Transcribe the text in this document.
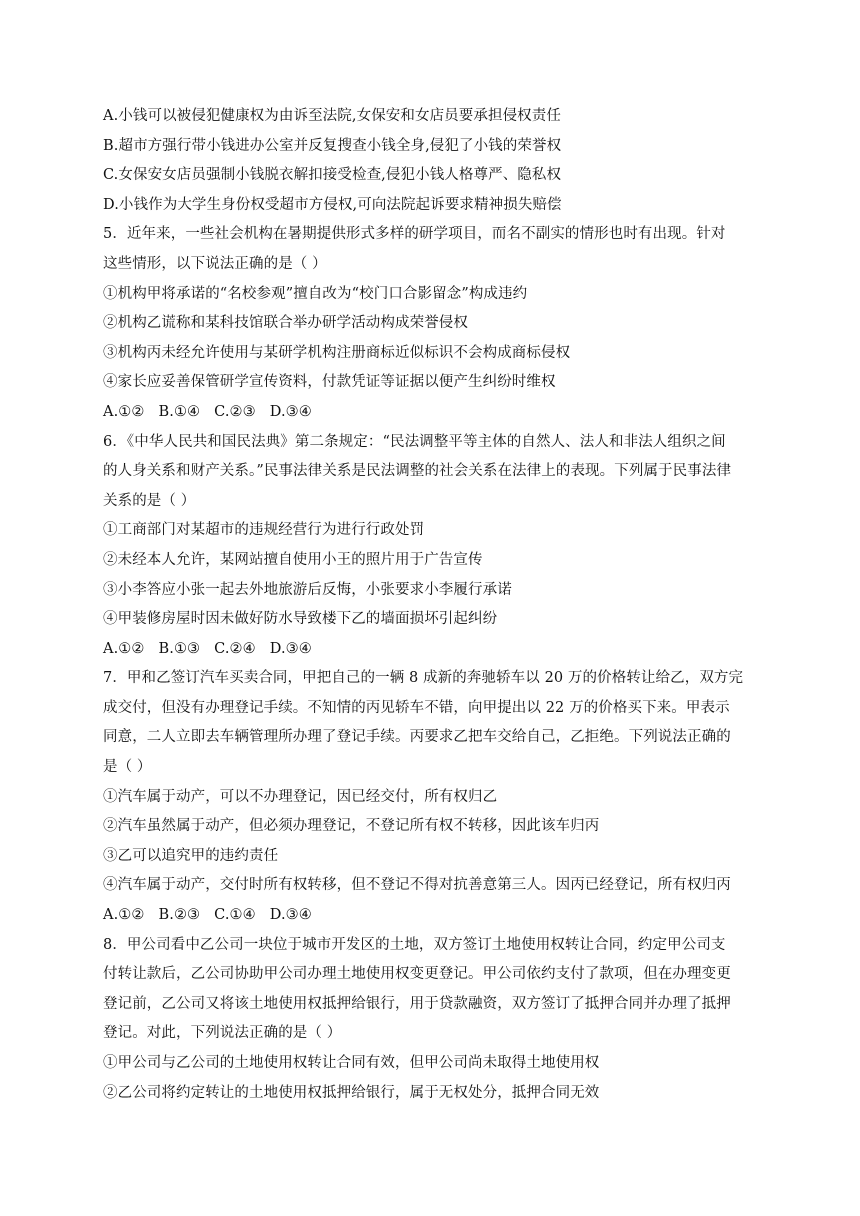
A.小钱可以被侵犯健康权为由诉至法院,女保安和女店员要承担侵权责任
B.超市方强行带小钱进办公室并反复搜查小钱全身,侵犯了小钱的荣誉权
C.女保安女店员强制小钱脱衣解扣接受检查,侵犯小钱人格尊严、隐私权
D.小钱作为大学生身份权受超市方侵权,可向法院起诉要求精神损失赔偿
5．近年来，一些社会机构在暑期提供形式多样的研学项目，而名不副实的情形也时有出现。针对
这些情形，以下说法正确的是（ ）
①机构甲将承诺的“名校参观”擅自改为“校门口合影留念”构成违约
②机构乙谎称和某科技馆联合举办研学活动构成荣誉侵权
③机构丙未经允许使用与某研学机构注册商标近似标识不会构成商标侵权
④家长应妥善保管研学宣传资料，付款凭证等证据以便产生纠纷时维权
A.①② B.①④ C.②③ D.③④
6．《中华人民共和国民法典》第二条规定：“民法调整平等主体的自然人、法人和非法人组织之间
的人身关系和财产关系。”民事法律关系是民法调整的社会关系在法律上的表现。下列属于民事法律
关系的是（ ）
①工商部门对某超市的违规经营行为进行行政处罚
②未经本人允许，某网站擅自使用小王的照片用于广告宣传
③小李答应小张一起去外地旅游后反悔，小张要求小李履行承诺
④甲装修房屋时因未做好防水导致楼下乙的墙面损坏引起纠纷
A.①② B.①③ C.②④ D.③④
7．甲和乙签订汽车买卖合同，甲把自己的一辆 8 成新的奔驰轿车以 20 万的价格转让给乙，双方完
成交付，但没有办理登记手续。不知情的丙见轿车不错，向甲提出以 22 万的价格买下来。甲表示
同意，二人立即去车辆管理所办理了登记手续。丙要求乙把车交给自己，乙拒绝。下列说法正确的
是（ ）
①汽车属于动产，可以不办理登记，因已经交付，所有权归乙
②汽车虽然属于动产，但必须办理登记，不登记所有权不转移，因此该车归丙
③乙可以追究甲的违约责任
④汽车属于动产，交付时所有权转移，但不登记不得对抗善意第三人。因丙已经登记，所有权归丙
A.①② B.②③ C.①④ D.③④
8．甲公司看中乙公司一块位于城市开发区的土地，双方签订土地使用权转让合同，约定甲公司支
付转让款后，乙公司协助甲公司办理土地使用权变更登记。甲公司依约支付了款项，但在办理变更
登记前，乙公司又将该土地使用权抵押给银行，用于贷款融资，双方签订了抵押合同并办理了抵押
登记。对此，下列说法正确的是（ ）
①甲公司与乙公司的土地使用权转让合同有效，但甲公司尚未取得土地使用权
②乙公司将约定转让的土地使用权抵押给银行，属于无权处分，抵押合同无效
